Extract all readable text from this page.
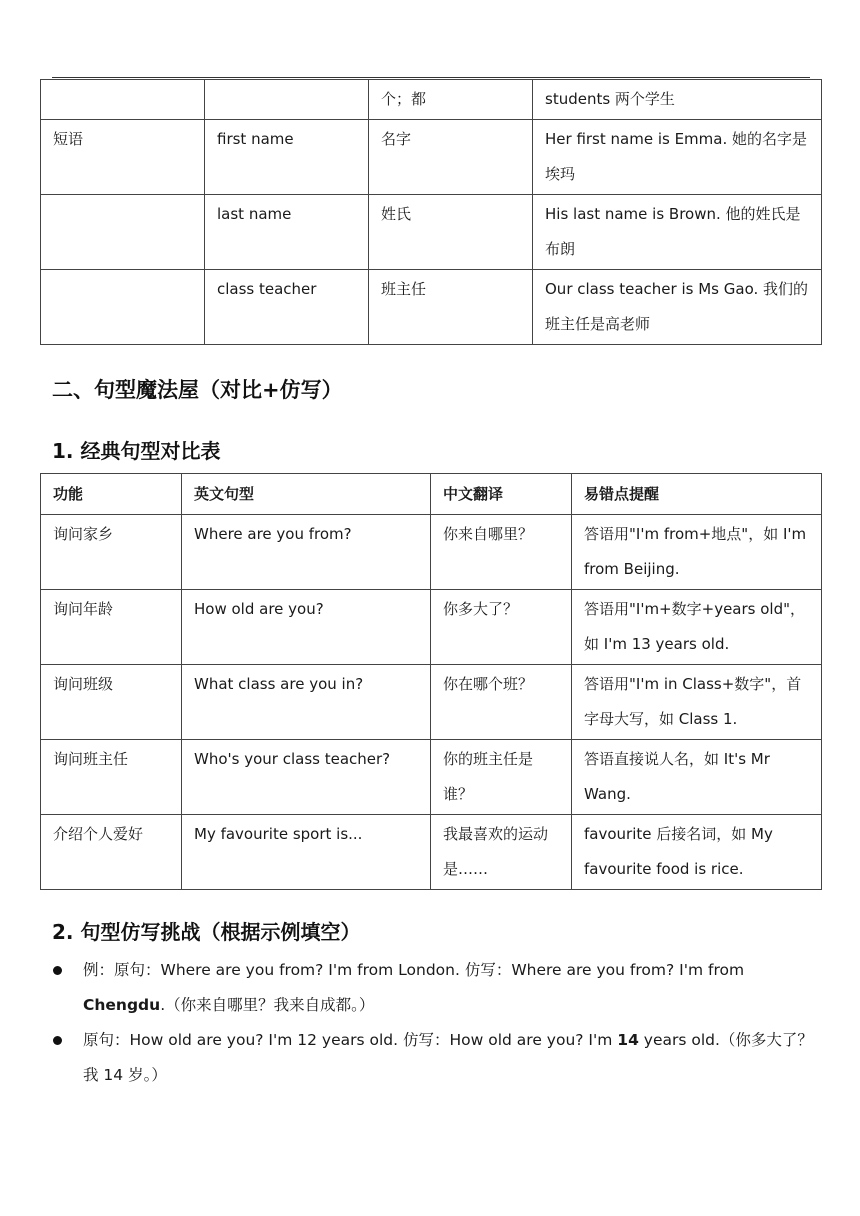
		个；都	students 两个学生
短语	first name	名字	Her first name is Emma. 她的名字是埃玛
	last name	姓氏	His last name is Brown. 他的姓氏是布朗
	class teacher	班主任	Our class teacher is Ms Gao. 我们的班主任是高老师
二、句型魔法屋（对比+仿写）
1. 经典句型对比表
功能	英文句型	中文翻译	易错点提醒
询问家乡	Where are you from?	你来自哪里？	答语用"I'm from+地点"，如 I'm from Beijing.
询问年龄	How old are you?	你多大了？	答语用"I'm+数字+years old"，如 I'm 13 years old.
询问班级	What class are you in?	你在哪个班？	答语用"I'm in Class+数字"，首字母大写，如 Class 1.
询问班主任	Who's your class teacher?	你的班主任是谁？	答语直接说人名，如 It's Mr Wang.
介绍个人爱好	My favourite sport is...	我最喜欢的运动是……	favourite 后接名词，如 My favourite food is rice.
2. 句型仿写挑战（根据示例填空）
例：原句：Where are you from? I'm from London. 仿写：Where are you from? I'm from Chengdu.（你来自哪里？我来自成都。）
原句：How old are you? I'm 12 years old. 仿写：How old are you? I'm 14 years old.（你多大了？我 14 岁。）
